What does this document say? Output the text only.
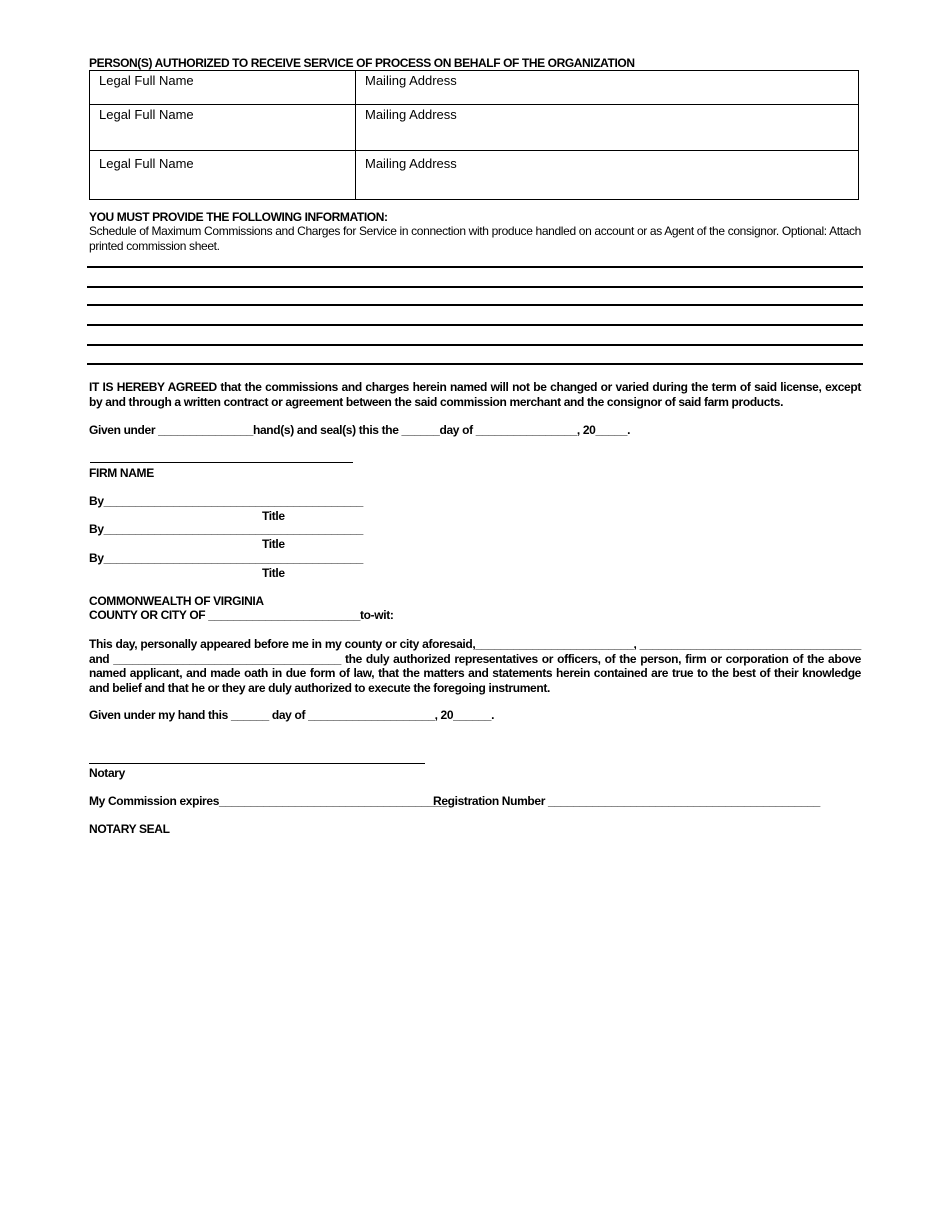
PERSON(S) AUTHORIZED TO RECEIVE SERVICE OF PROCESS ON BEHALF OF THE ORGANIZATION
Legal Full Name	Mailing Address
Legal Full Name	Mailing Address
Legal Full Name	Mailing Address
YOU MUST PROVIDE THE FOLLOWING INFORMATION:
Schedule of Maximum Commissions and Charges for Service in connection with produce handled on account or as Agent of the consignor. Optional: Attach printed commission sheet.
IT IS HEREBY AGREED that the commissions and charges herein named will not be changed or varied during the term of said license, except by and through a written contract or agreement between the said commission merchant and the consignor of said farm products.
Given under _______________hand(s) and seal(s) this the ______day of ________________, 20_____.
FIRM NAME
By_________________________________________
Title
By_________________________________________
Title
By_________________________________________
Title
COMMONWEALTH OF VIRGINIA
COUNTY OR CITY OF ________________________to-wit:
This day, personally appeared before me in my county or city aforesaid,_________________________, ___________________________________ and ____________________________________ the duly authorized representatives or officers, of the person, firm or corporation of the above named applicant, and made oath in due form of law, that the matters and statements herein contained are true to the best of their knowledge and belief and that he or they are duly authorized to execute the foregoing instrument.
Given under my hand this ______ day of ____________________, 20______.
Notary
My Commission expires____________________________________
Registration Number ___________________________________________
NOTARY SEAL
